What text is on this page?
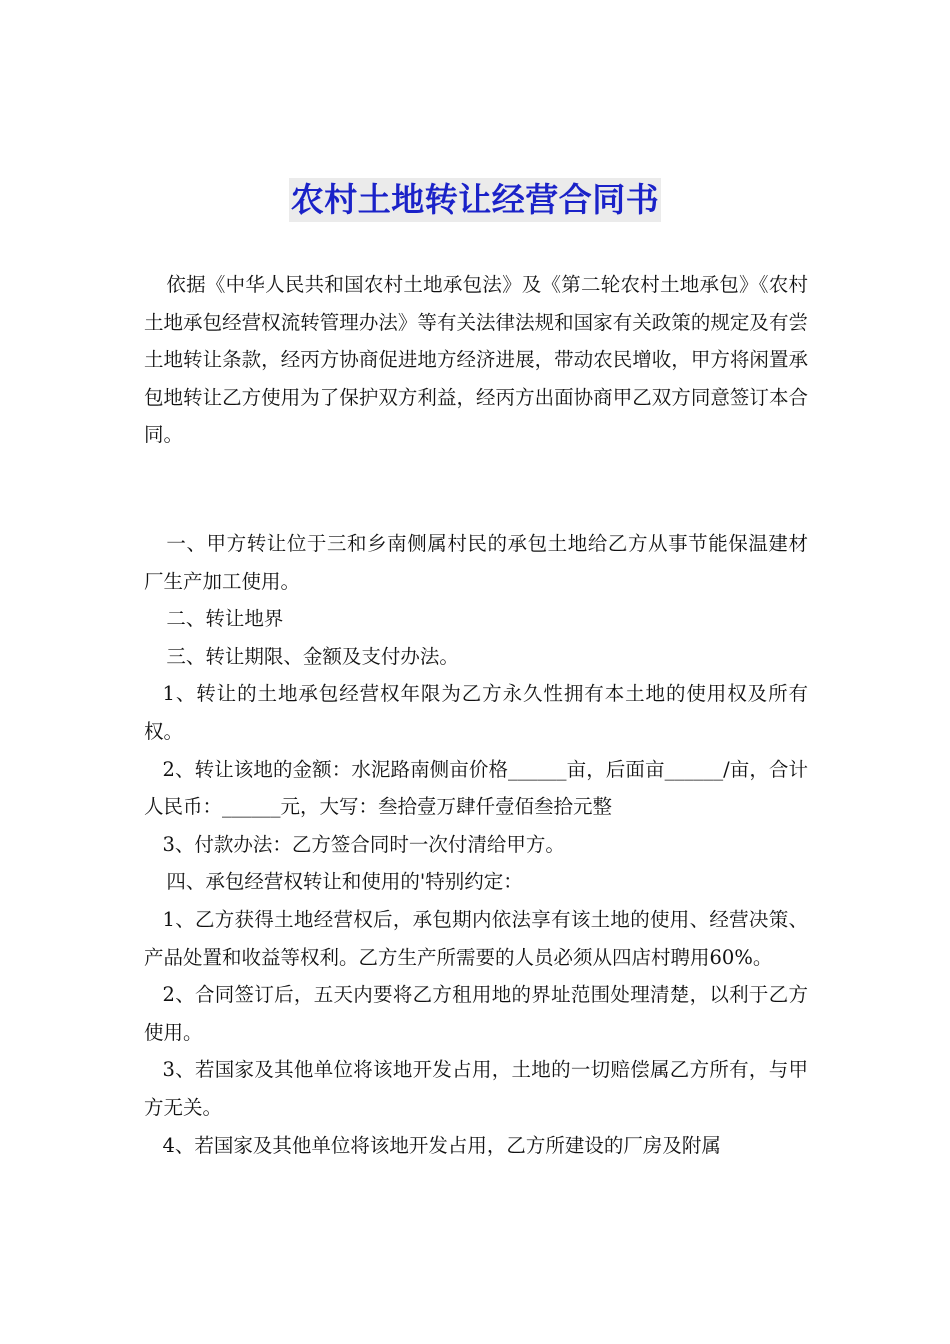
农村土地转让经营合同书

依据《中华人民共和国农村土地承包法》及《第二轮农村土地承包》《农村土地承包经营权流转管理办法》等有关法律法规和国家有关政策的规定及有尝土地转让条款，经丙方协商促进地方经济进展，带动农民增收，甲方将闲置承包地转让乙方使用为了保护双方利益，经丙方出面协商甲乙双方同意签订本合同。

一、甲方转让位于三和乡南侧属村民的承包土地给乙方从事节能保温建材厂生产加工使用。

二、转让地界

三、转让期限、金额及支付办法。

1、转让的土地承包经营权年限为乙方永久性拥有本土地的使用权及所有权。

2、转让该地的金额：水泥路南侧亩价格______亩，后面亩______/亩，合计人民币：______元，大写：叁拾壹万肆仟壹佰叁拾元整

3、付款办法：乙方签合同时一次付清给甲方。

四、承包经营权转让和使用的'特别约定：

1、乙方获得土地经营权后，承包期内依法享有该土地的使用、经营决策、产品处置和收益等权利。乙方生产所需要的人员必须从四店村聘用60%。

2、合同签订后，五天内要将乙方租用地的界址范围处理清楚，以利于乙方使用。

3、若国家及其他单位将该地开发占用，土地的一切赔偿属乙方所有，与甲方无关。

4、若国家及其他单位将该地开发占用，乙方所建设的厂房及附属
